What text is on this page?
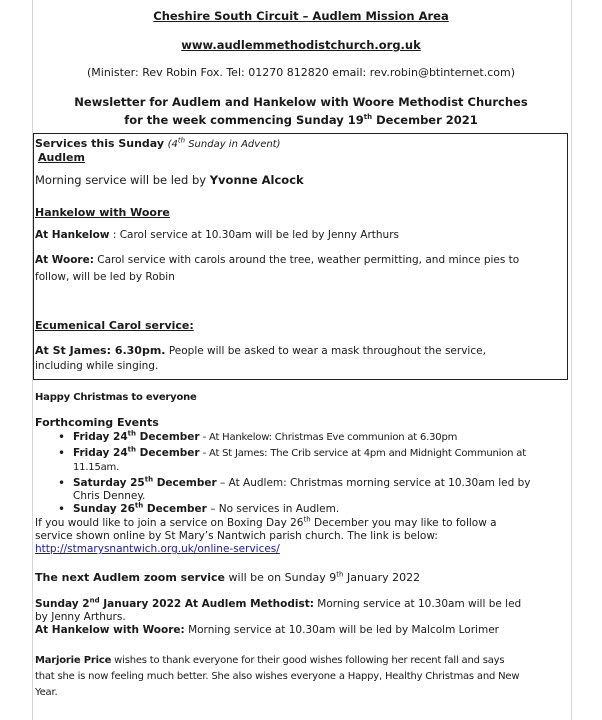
Cheshire South Circuit – Audlem Mission Area
www.audlemmethodistchurch.org.uk
(Minister: Rev Robin Fox. Tel: 01270 812820 email: rev.robin@btinternet.com)
Newsletter for Audlem and Hankelow with Woore Methodist Churches
for the week commencing Sunday 19th December 2021
Services this Sunday (4th Sunday in Advent)
Audlem
Morning service will be led by Yvonne Alcock
Hankelow with Woore
At Hankelow : Carol service at 10.30am will be led by Jenny Arthurs
At Woore: Carol service with carols around the tree, weather permitting, and mince pies to
follow, will be led by Robin
Ecumenical Carol service:
At St James: 6.30pm. People will be asked to wear a mask throughout the service,
including while singing.
Happy Christmas to everyone
Forthcoming Events
• Friday 24th December - At Hankelow: Christmas Eve communion at 6.30pm
• Friday 24th December - At St James: The Crib service at 4pm and Midnight Communion at
11.15am.
• Saturday 25th December – At Audlem: Christmas morning service at 10.30am led by
Chris Denney.
• Sunday 26th December – No services in Audlem.
If you would like to join a service on Boxing Day 26th December you may like to follow a
service shown online by St Mary’s Nantwich parish church. The link is below:
http://stmarysnantwich.org.uk/online-services/
The next Audlem zoom service will be on Sunday 9th January 2022
Sunday 2nd January 2022 At Audlem Methodist: Morning service at 10.30am will be led
by Jenny Arthurs.
At Hankelow with Woore: Morning service at 10.30am will be led by Malcolm Lorimer
Marjorie Price wishes to thank everyone for their good wishes following her recent fall and says
that she is now feeling much better. She also wishes everyone a Happy, Healthy Christmas and New
Year.
